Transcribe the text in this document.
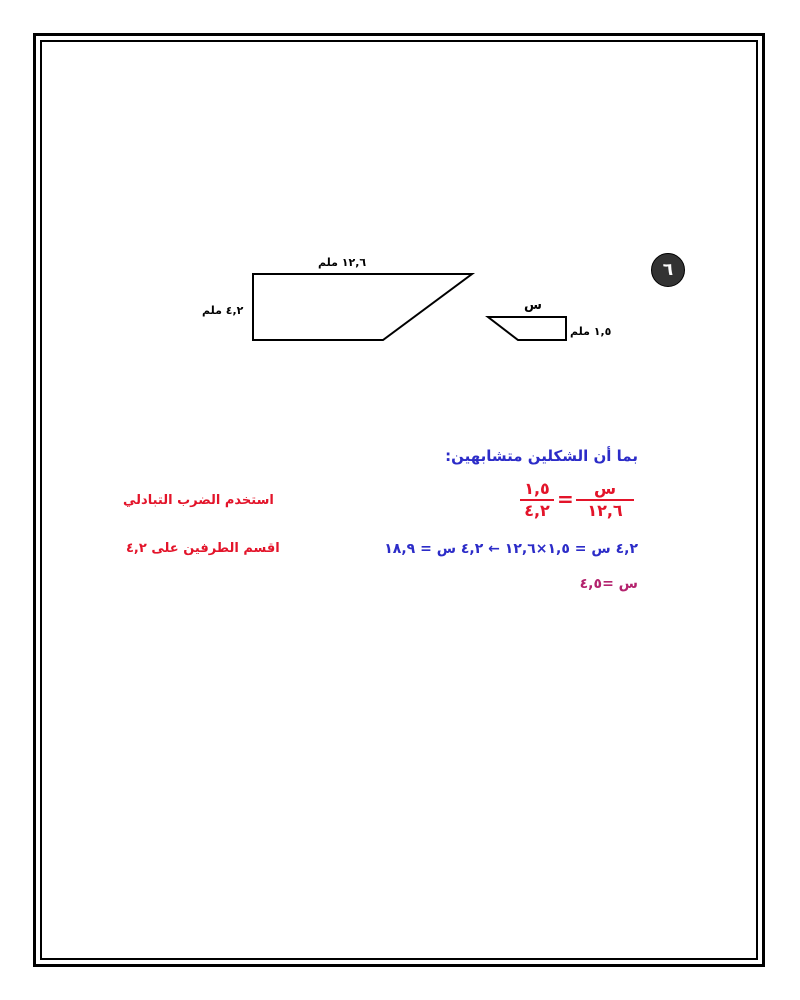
٦
١٢,٦ ملم
٤,٢ ملم	س
١,٥ ملم
بما أن الشكلين متشابهين:
س
١٢,٦
=
١,٥
٤,٢
استخدم الضرب التبادلي
٤,٢ س = ١,٥×١٢,٦ ← ٤,٢ س = ١٨,٩
اقسم الطرفين على ٤,٢
س =٤,٥
